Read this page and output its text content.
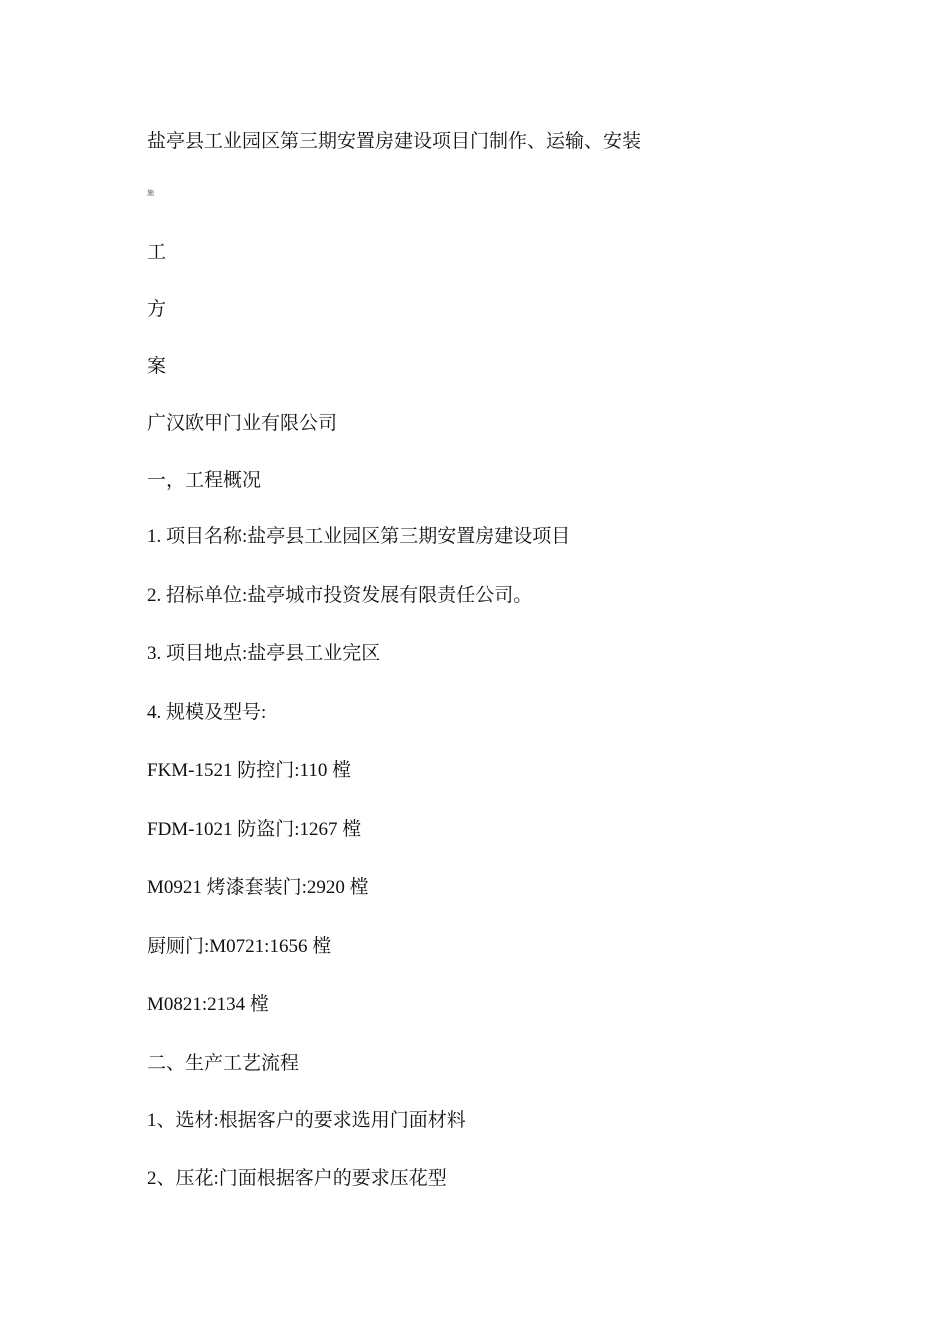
盐亭县工业园区第三期安置房建设项目门制作、运输、安装
施
工
方
案
广汉欧甲门业有限公司
一，工程概况
1. 项目名称:盐亭县工业园区第三期安置房建设项目
2. 招标单位:盐亭城市投资发展有限责任公司。
3. 项目地点:盐亭县工业完区
4. 规模及型号:
FKM-1521 防控门:110 樘
FDM-1021 防盗门:1267 樘
M0921 烤漆套装门:2920 樘
厨厕门:M0721:1656 樘
M0821:2134 樘
二、生产工艺流程
1、选材:根据客户的要求选用门面材料
2、压花:门面根据客户的要求压花型
